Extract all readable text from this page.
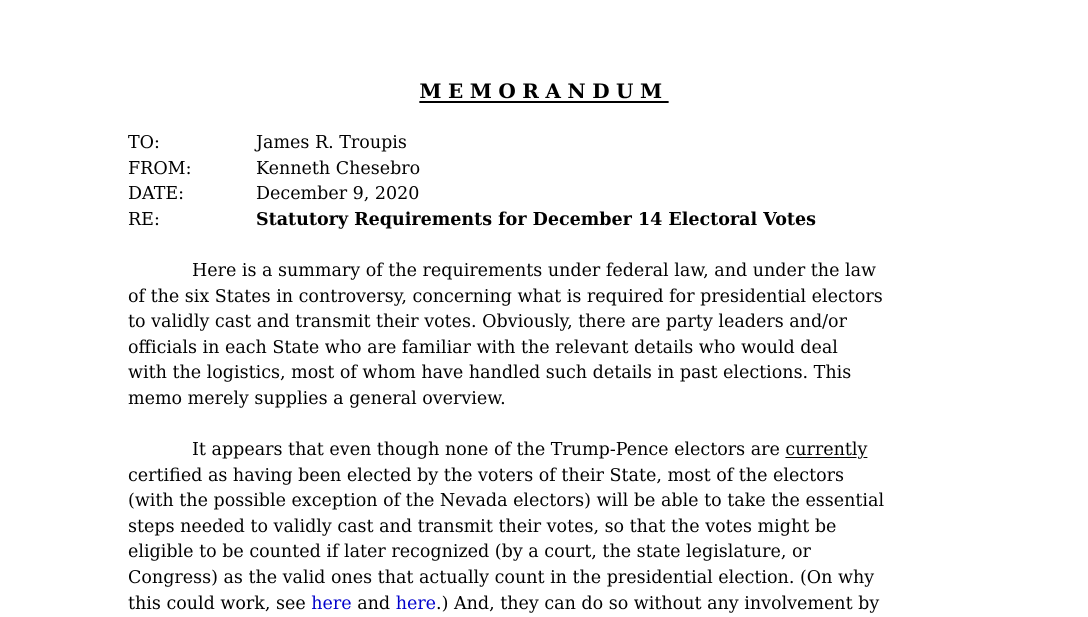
MEMORANDUM
TO:	James R. Troupis
FROM:	Kenneth Chesebro
DATE:	December 9, 2020
RE:	Statutory Requirements for December 14 Electoral Votes
Here is a summary of the requirements under federal law, and under the law
of the six States in controversy, concerning what is required for presidential electors
to validly cast and transmit their votes. Obviously, there are party leaders and/or
officials in each State who are familiar with the relevant details who would deal
with the logistics, most of whom have handled such details in past elections. This
memo merely supplies a general overview.
It appears that even though none of the Trump-Pence electors are currently
certified as having been elected by the voters of their State, most of the electors
(with the possible exception of the Nevada electors) will be able to take the essential
steps needed to validly cast and transmit their votes, so that the votes might be
eligible to be counted if later recognized (by a court, the state legislature, or
Congress) as the valid ones that actually count in the presidential election. (On why
this could work, see here and here.) And, they can do so without any involvement by
